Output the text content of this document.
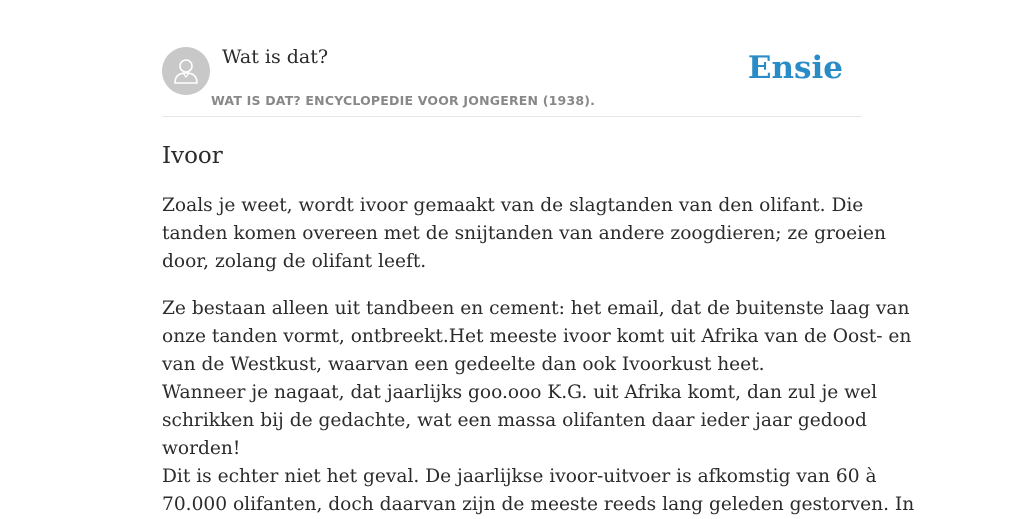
Wat is dat?
WAT IS DAT? ENCYCLOPEDIE VOOR JONGEREN (1938).
Ensie
Ivoor

Zoals je weet, wordt ivoor gemaakt van de slagtanden van den olifant. Die
tanden komen overeen met de snijtanden van andere zoogdieren; ze groeien
door, zolang de olifant leeft.

Ze bestaan alleen uit tandbeen en cement: het email, dat de buitenste laag van
onze tanden vormt, ontbreekt.Het meeste ivoor komt uit Afrika van de Oost- en
van de Westkust, waarvan een gedeelte dan ook Ivoorkust heet.
Wanneer je nagaat, dat jaarlijks goo.ooo K.G. uit Afrika komt, dan zul je wel
schrikken bij de gedachte, wat een massa olifanten daar ieder jaar gedood
worden!
Dit is echter niet het geval. De jaarlijkse ivoor-uitvoer is afkomstig van 60 à
70.000 olifanten, doch daarvan zijn de meeste reeds lang geleden gestorven. In
